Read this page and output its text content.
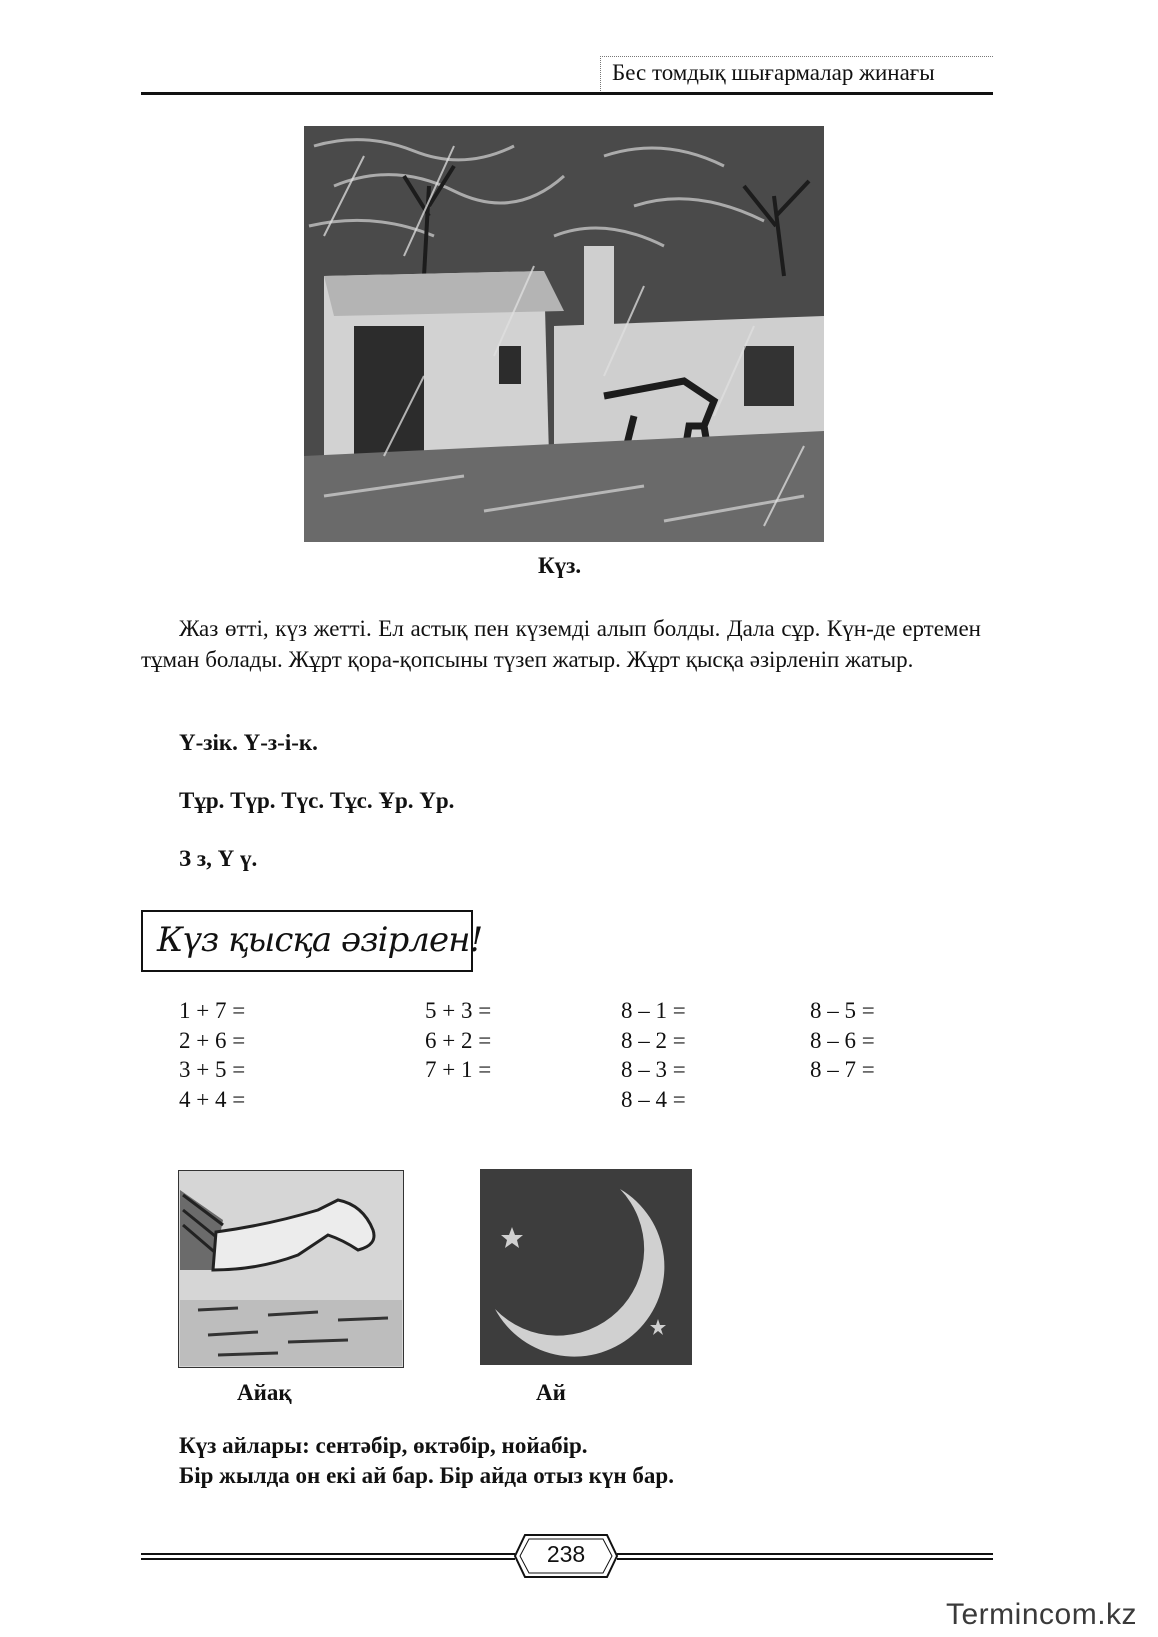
Бес томдық шығармалар жинағы
Күз.
Жаз өтті, күз жетті. Ел астық пен күземді алып болды. Дала сұр. Күн-де ертемен тұман болады. Жұрт қора-қопсыны түзеп жатыр. Жұрт қысқа әзірленіп жатыр.
Ү-зік. Ү-з-і-к.
Тұр. Түр. Түс. Тұс. Ұр. Үр.
З з, Ү ү.
Күз қысқа әзірлен!
1 + 7 =
2 + 6 =
3 + 5 =
4 + 4 =
5 + 3 =
6 + 2 =
7 + 1 =
8 – 1 =
8 – 2 =
8 – 3 =
8 – 4 =
8 – 5 =
8 – 6 =
8 – 7 =
Айақ	Ай
Күз айлары: сентәбір, өктәбір, нойабір.
Бір жылда он екі ай бар. Бір айда отыз күн бар.
238
Termincom.kz
